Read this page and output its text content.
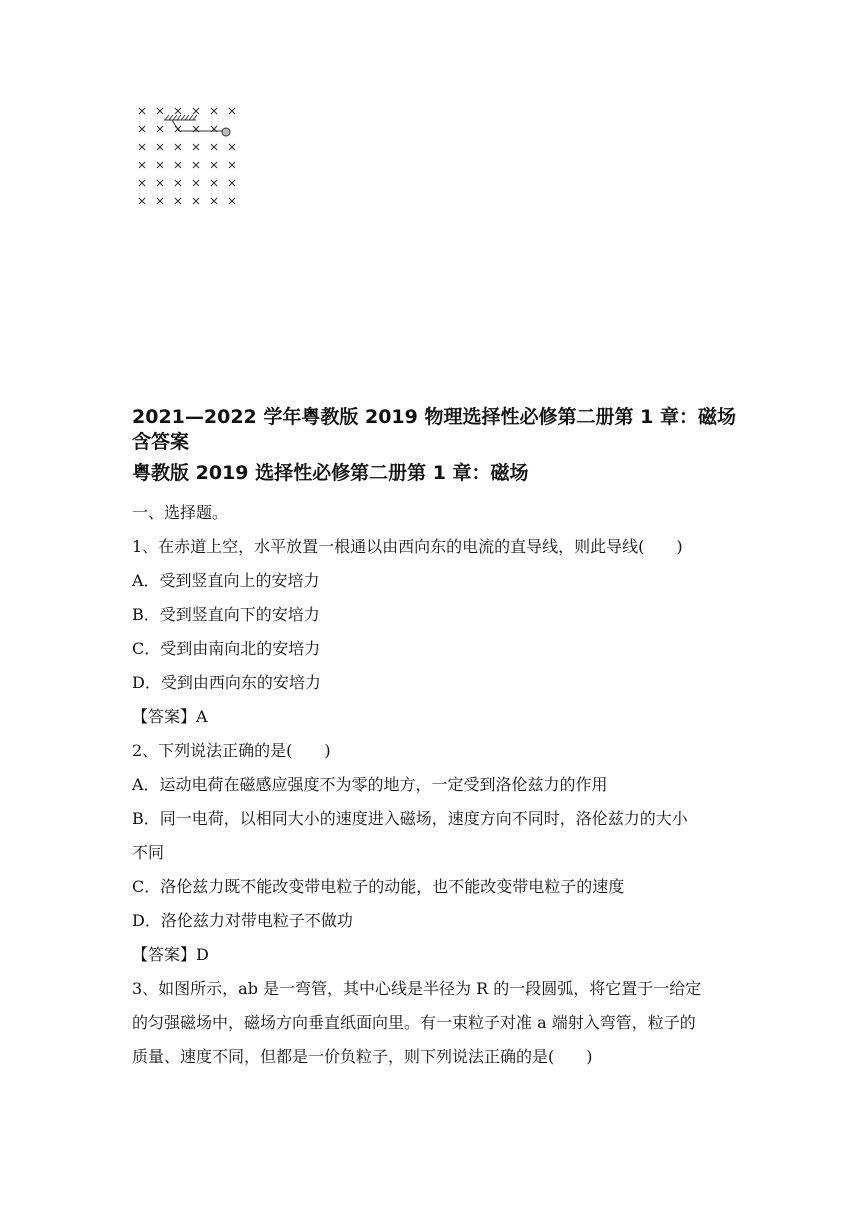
2021—2022 学年粤教版 2019 物理选择性必修第二册第 1 章：磁场含答案

粤教版 2019 选择性必修第二册第 1 章：磁场

一、选择题。

1、在赤道上空，水平放置一根通以由西向东的电流的直导线，则此导线(　　)

A．受到竖直向上的安培力

B．受到竖直向下的安培力

C．受到由南向北的安培力

D．受到由西向东的安培力

【答案】A

2、下列说法正确的是(　　)

A．运动电荷在磁感应强度不为零的地方，一定受到洛伦兹力的作用

B．同一电荷，以相同大小的速度进入磁场，速度方向不同时，洛伦兹力的大小

不同

C．洛伦兹力既不能改变带电粒子的动能，也不能改变带电粒子的速度

D．洛伦兹力对带电粒子不做功

【答案】D

3、如图所示，ab 是一弯管，其中心线是半径为 R 的一段圆弧，将它置于一给定

的匀强磁场中，磁场方向垂直纸面向里。有一束粒子对准 a 端射入弯管，粒子的

质量、速度不同，但都是一价负粒子，则下列说法正确的是(　　)
